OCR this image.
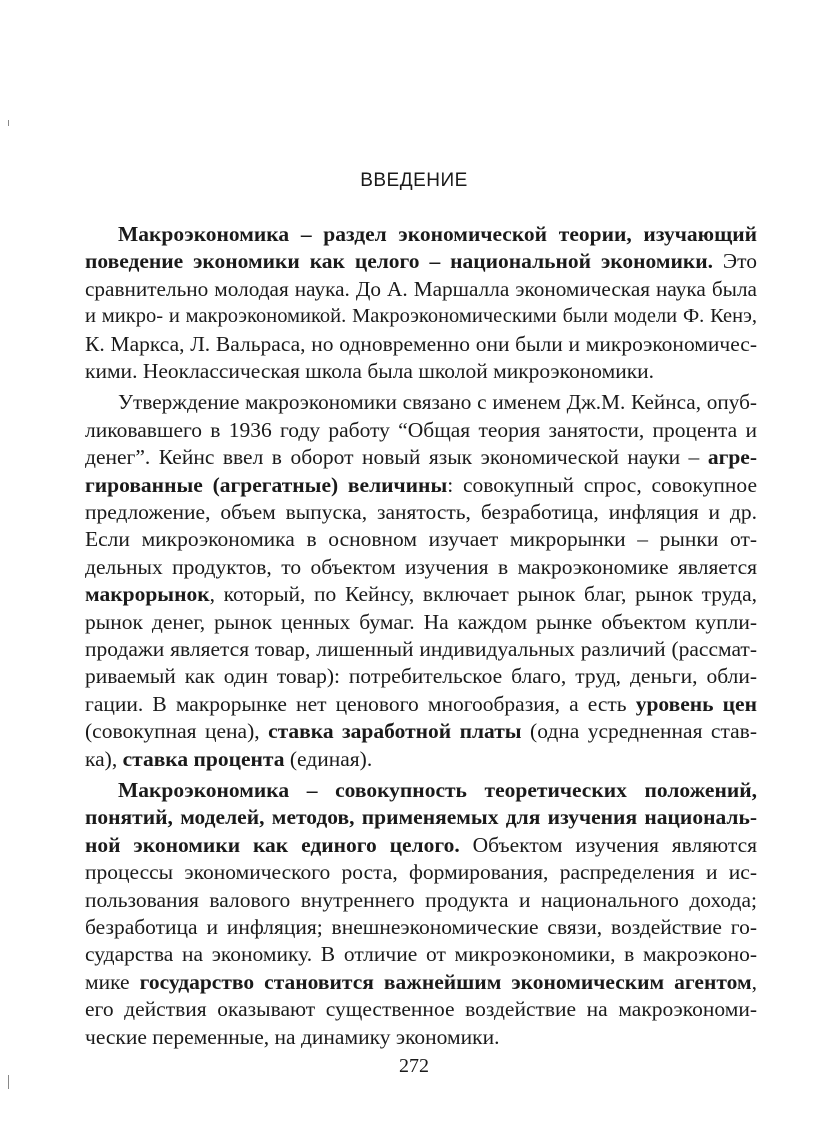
ВВЕДЕНИЕ
Макроэкономика – раздел экономической теории, изучающий
поведение экономики как целого – национальной экономики. Это
сравнительно молодая наука. До А. Маршалла экономическая наука была
и микро- и макроэкономикой. Макроэкономическими были модели Ф. Кенэ,
К. Маркса, Л. Вальраса, но одновременно они были и микроэкономичес-
кими. Неоклассическая школа была школой микроэкономики.
Утверждение макроэкономики связано с именем Дж.М. Кейнса, опуб-
ликовавшего в 1936 году работу “Общая теория занятости, процента и
денег”. Кейнс ввел в оборот новый язык экономической науки – агре-
гированные (агрегатные) величины: совокупный спрос, совокупное
предложение, объем выпуска, занятость, безработица, инфляция и др.
Если микроэкономика в основном изучает микрорынки – рынки от-
дельных продуктов, то объектом изучения в макроэкономике является
макрорынок, который, по Кейнсу, включает рынок благ, рынок труда,
рынок денег, рынок ценных бумаг. На каждом рынке объектом купли-
продажи является товар, лишенный индивидуальных различий (рассмат-
риваемый как один товар): потребительское благо, труд, деньги, обли-
гации. В макрорынке нет ценового многообразия, а есть уровень цен
(совокупная цена), ставка заработной платы (одна усредненная став-
ка), ставка процента (единая).
Макроэкономика – совокупность теоретических положений,
понятий, моделей, методов, применяемых для изучения националь-
ной экономики как единого целого. Объектом изучения являются
процессы экономического роста, формирования, распределения и ис-
пользования валового внутреннего продукта и национального дохода;
безработица и инфляция; внешнеэкономические связи, воздействие го-
сударства на экономику. В отличие от микроэкономики, в макроэконо-
мике государство становится важнейшим экономическим агентом,
его действия оказывают существенное воздействие на макроэкономи-
ческие переменные, на динамику экономики.
272
